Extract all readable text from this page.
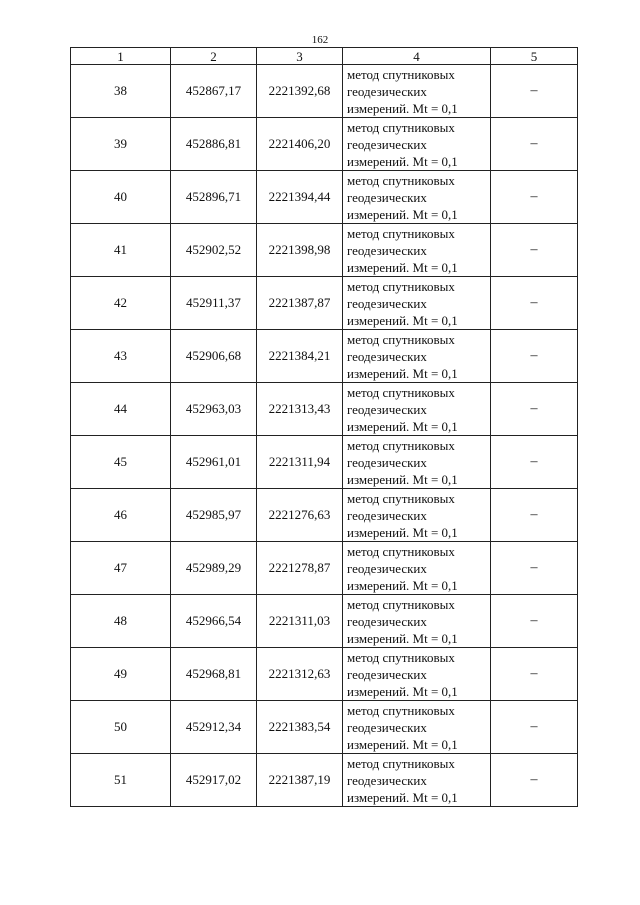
162
1	2	3	4	5
38	452867,17	2221392,68	метод спутниковых
геодезических
измерений. Mt = 0,1	–
39	452886,81	2221406,20	метод спутниковых
геодезических
измерений. Mt = 0,1	–
40	452896,71	2221394,44	метод спутниковых
геодезических
измерений. Mt = 0,1	–
41	452902,52	2221398,98	метод спутниковых
геодезических
измерений. Mt = 0,1	–
42	452911,37	2221387,87	метод спутниковых
геодезических
измерений. Mt = 0,1	–
43	452906,68	2221384,21	метод спутниковых
геодезических
измерений. Mt = 0,1	–
44	452963,03	2221313,43	метод спутниковых
геодезических
измерений. Mt = 0,1	–
45	452961,01	2221311,94	метод спутниковых
геодезических
измерений. Mt = 0,1	–
46	452985,97	2221276,63	метод спутниковых
геодезических
измерений. Mt = 0,1	–
47	452989,29	2221278,87	метод спутниковых
геодезических
измерений. Mt = 0,1	–
48	452966,54	2221311,03	метод спутниковых
геодезических
измерений. Mt = 0,1	–
49	452968,81	2221312,63	метод спутниковых
геодезических
измерений. Mt = 0,1	–
50	452912,34	2221383,54	метод спутниковых
геодезических
измерений. Mt = 0,1	–
51	452917,02	2221387,19	метод спутниковых
геодезических
измерений. Mt = 0,1	–
